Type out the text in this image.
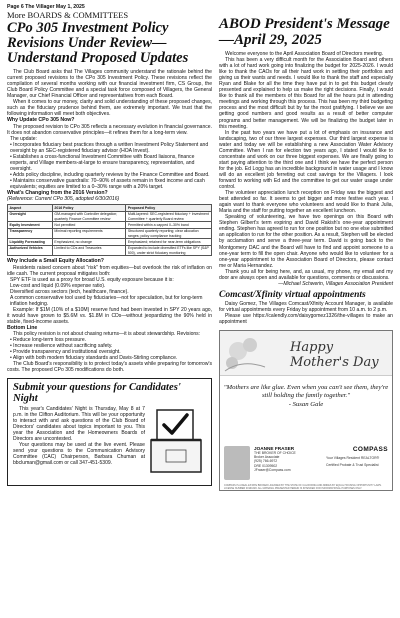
Page 6 The Villager May 1, 2025
More BOARDS & COMMITTEES
CPo 305 Investment Policy Revisions Under Review—Understand Proposed Updates

The Club Board asks that The Villages community understand the rationale behind the current proposed revisions to the CPo 305 Investment Policy. These revisions reflect the compilation of several months working with our financial investment firm, CS Group, the Club Board Policy Committee and a special task force composed of Villagers, the General Manager, our Chief Financial Officer and representatives from each Board.

When it comes to our money, clarity and solid understanding of these proposed changes, such as the fiduciary prudence behind them, are extremely important. We trust that the following information will meet both objectives.

Why Update CPo 305 Now?

The proposed revision to CPo 305 reflects a necessary evolution in financial governance. It does not abandon conservative principles—it refines them for a long-term view.

The update:
• Incorporates fiduciary best practices through a written Investment Policy Statement and oversight by an SEC-registered fiduciary advisor (HOA Invest).
• Establishes a cross-functional Investment Committee with Board liaisons, finance experts, and Village members-at-large to ensure transparency, representation, and oversight.
• Adds policy discipline, including quarterly reviews by the Finance Committee and Board.
• Maintains conservative guardrails: 70–90% of assets remain in fixed income and cash equivalents; equities are limited to a 0–30% range with a 20% target.
What's Changing from the 2016 Version?
(Reference: Current CPo 305, adopted 6/30/2016)
Aspect	2016 Policy	Proposed Policy
Oversight	GM-managed with Controller delegation; quarterly Finance Committee review	Multi-layered: SEC-registered fiduciary + Investment Committee + quarterly Board review
Equity Investment	Not permitted	Permitted within a capped 0–30% band
Transparency	Minimal reporting requirements	Structured quarterly reporting; clear allocation ranges; policy compliance tracking
Liquidity Forecasting	Emphasized, no change	Emphasized; retained for near-term obligations
Authorized Vehicles	Limited to CDs and Treasuries	Expanded to include diversified ETFs like SPY (S&P 500), under strict fiduciary monitoring
Why Include a Small Equity Allocation?

Residents raised concern about "risk" from equities—but overlook the risk of inflation on idle cash. The current proposal mitigates both:

SPY ETF is used as a proxy for broad U.S. equity exposure because it is:
Low-cost and liquid (0.09% expense ratio).
Diversified across sectors (tech, healthcare, finance).
A common conservative tool used by fiduciaries—not for speculation, but for long-term inflation hedging.

Example: If $1M (10% of a $10M) reserve fund had been invested in SPY 20 years ago, it would have grown to $5.6M vs. $1.8M in CDs—without jeopardizing the 90% held in stable, fixed-income assets.

Bottom Line

This policy revision is not about chasing returns—it is about stewardship. Revisions:

• Reduce long-term loss pressure.
• Increase resilience without sacrificing safety.
• Provide transparency and institutional oversight.
• Align with both modern fiduciary standards and Davis-Stirling compliance.

The Club Board's responsibility is to protect today's assets while preparing for tomorrow's costs. The proposed CPo 305 modifications do both.

Submit your questions for Candidates' Night

This year's Candidates' Night is Thursday, May 8 at 7 p.m. in the Clifton Auditorium. This will be your opportunity to interact with and ask questions of the Club Board of Directors' candidates about topics important to you. This year the Association and the Homeowners Boards of Directors are uncontested.

Your questions may be used at the live event. Please send your questions to the Communication Advisory Committee (CAC) Chairperson, Barbara Chuman at bbcluman@gmail.com or call 347-451-5309.

ABOD President's Message—April 29, 2025

Welcome everyone to the April Association Board of Directors meeting.

This has been a very difficult month for the Association Board and others with a lot of hard work going into finalizing the budget for 2025-2026. I would like to thank the CAOs for all their hard work in settling their portfolios and giving us their wants and needs. I would like to thank the staff and especially Ryan and Blake for all the time they have put in to get this budget clearly presented and explained to help us make the right decisions. Finally, I would like to thank all the members of this Board for all the hours put in attending meetings and working through this process. This has been my third budgeting process and the most difficult but by far the most gratifying. I believe we are getting good numbers and good results as a result of better computer programs and better management. We will be finalizing the budget later in this meeting.

In the past two years we have put a lot of emphasis on insurance and landscaping, two of our three largest expenses. Our third largest expense is water and today we will be establishing a new Association Water Advisory Committee. When I ran for election two years ago, I stated I would like to concentrate and work on our three biggest expenses. We are finally going to start paying attention to the third one and I think we have the perfect person for the job. Ed Logg has an incredible background in water usage and I know will do an excellent job ferreting out cost savings for the Villagers. I look forward to working with Ed and the committee to get our water usage under control.

The volunteer appreciation lunch reception on Friday was the biggest and best attended so far. It seems to get bigger and more festive each year. I again want to thank everyone who volunteers and would like to thank Julia, Maria and the staff for putting together an excellent luncheon.

Speaking of volunteering, we have two openings on this Board with Stephen Gilbert's term expiring and David Rakish's one-year appointment ending. Stephen has agreed to run for one position but no one else submitted an application to run for the other position. As a result, Stephen will be elected by acclamation and serve a three-year term. David is going back to the Montgomery DAC and the Board will have to find and appoint someone to a one-year term to fill the open chair. Anyone who would like to volunteer for a one-year appointment to the Association Board of Directors, please contact me or Maria Hernandez.

Thank you all for being here, and, as usual, my phone, my email and my door are always open and available for questions, comments or discussions.

—Michael Schwerin, Villages Association President
Comcast/Xfinity virtual appointments

Daisy Gomez, The Villages Comcast/Xfinity Account Manager, is available for virtual appointments every Friday by appointment from 10 a.m. to 2 p.m.

Please use https://calendly.com/daisygomez1326/the-villages to make an appointment

Happy Mother's Day
"Mothers are like glue. Even when you can't see them, they're still holding the family together."
- Susan Gale
JOANNE FRASER
THE BROKER OF CHOICE
Broker Associate
(925) 766-6972
DRE 01309502
JFraser@Compass.com
COMPASS
Your Villages Resident REALTOR®
Certified Probate & Trust Specialist
COMPASS IS A REAL ESTATE BROKER LICENSED BY THE STATE OF CALIFORNIA AND ABIDES BY EQUAL HOUSING OPPORTUNITY LAWS. LICENSE NUMBER 01991628. ALL MATERIAL PRESENTED HEREIN IS INTENDED FOR INFORMATIONAL PURPOSES ONLY.
